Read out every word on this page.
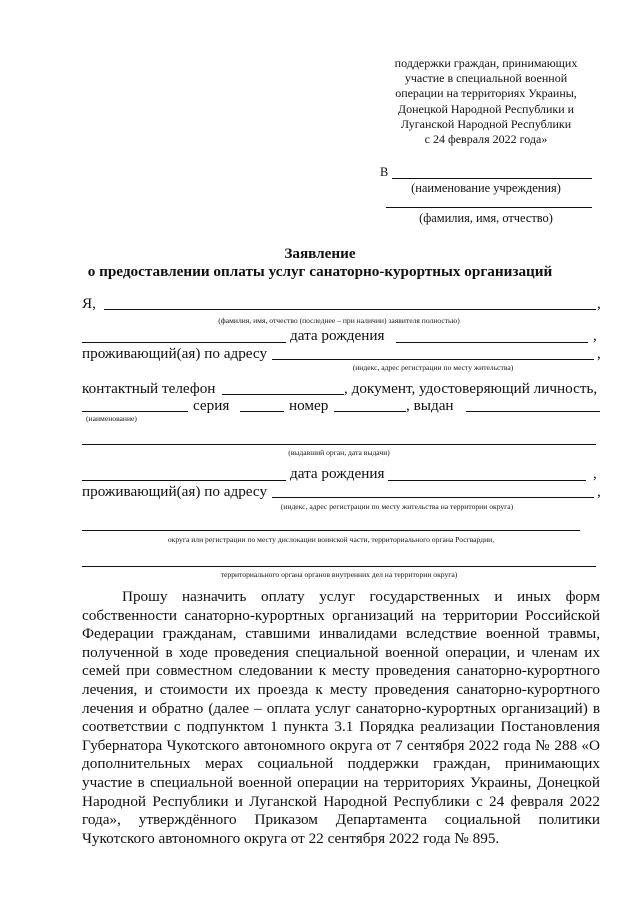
поддержки граждан, принимающих
участие в специальной военной
операции на территориях Украины,
Донецкой Народной Республики и
Луганской Народной Республики
с 24 февраля 2022 года»
В
(наименование учреждения)
(фамилия, имя, отчество)
Заявление
о предоставлении оплаты услуг санаторно-курортных организаций
Я,	,
(фамилия, имя, отчество (последнее – при наличии) заявителя полностью)
дата рождения	,
проживающий(ая) по адресу	,
(индекс, адрес регистрации по месту жительства)
контактный телефон	, документ, удостоверяющий личность,
серия	номер	, выдан
(наименование)
(выдавший орган, дата выдачи)
дата рождения	,
проживающий(ая) по адресу	,
(индекс, адрес регистрации по месту жительства на территории округа)
округа или регистрации по месту дислокации воинской части, территориального органа Росгвардии,
территориального органа органов внутренних дел на территории округа)
Прошу назначить оплату услуг государственных и иных форм собственности санаторно-курортных организаций на территории Российской Федерации гражданам, ставшими инвалидами вследствие военной травмы, полученной в ходе проведения специальной военной операции, и членам их семей при совместном следовании к месту проведения санаторно-курортного лечения, и стоимости их проезда к месту проведения санаторно-курортного лечения и обратно (далее – оплата услуг санаторно-курортных организаций) в соответствии с подпунктом 1 пункта 3.1 Порядка реализации Постановления Губернатора Чукотского автономного округа от 7 сентября 2022 года № 288 «О дополнительных мерах социальной поддержки граждан, принимающих участие в специальной военной операции на территориях Украины, Донецкой Народной Республики и Луганской Народной Республики с 24 февраля 2022 года», утверждённого Приказом Департамента социальной политики Чукотского автономного округа от 22 сентября 2022 года № 895.
